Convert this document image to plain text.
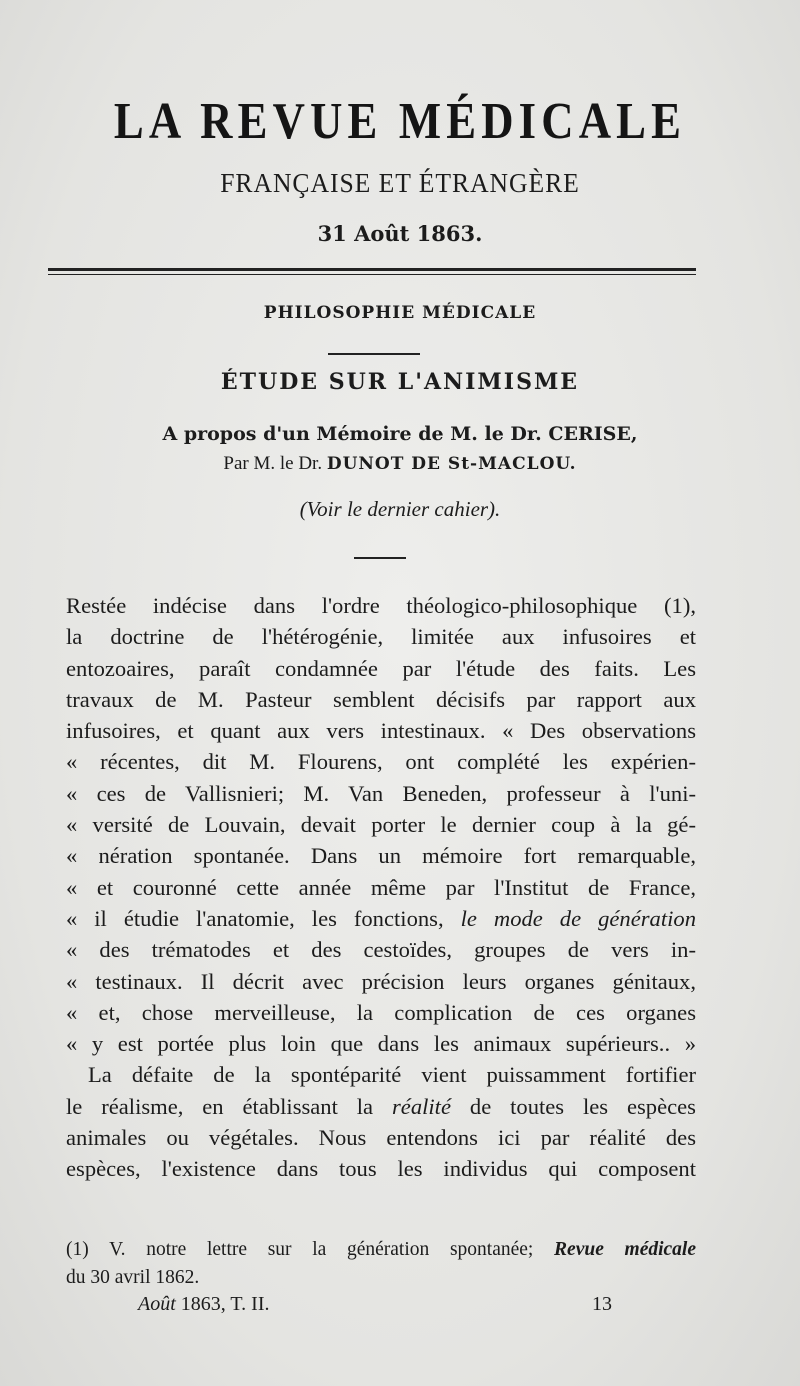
LA REVUE MÉDICALE
FRANÇAISE ET ÉTRANGÈRE
31 Août 1863.
PHILOSOPHIE MÉDICALE
ÉTUDE SUR L'ANIMISME
A propos d'un Mémoire de M. le Dr. CERISE,
Par M. le Dr. DUNOT DE St-MACLOU.
(Voir le dernier cahier).
Restée indécise dans l'ordre théologico-philosophique (1),
la doctrine de l'hétérogénie, limitée aux infusoires et
entozoaires, paraît condamnée par l'étude des faits. Les
travaux de M. Pasteur semblent décisifs par rapport aux
infusoires, et quant aux vers intestinaux. « Des observations
« récentes, dit M. Flourens, ont complété les expérien-
« ces de Vallisnieri; M. Van Beneden, professeur à l'uni-
« versité de Louvain, devait porter le dernier coup à la gé-
« nération spontanée. Dans un mémoire fort remarquable,
« et couronné cette année même par l'Institut de France,
« il étudie l'anatomie, les fonctions, le mode de génération
« des trématodes et des cestoïdes, groupes de vers in-
« testinaux. Il décrit avec précision leurs organes génitaux,
« et, chose merveilleuse, la complication de ces organes
« y est portée plus loin que dans les animaux supérieurs.. »
La défaite de la spontéparité vient puissamment fortifier
le réalisme, en établissant la réalité de toutes les espèces
animales ou végétales. Nous entendons ici par réalité des
espèces, l'existence dans tous les individus qui composent
(1) V. notre lettre sur la génération spontanée; Revue médicale
du 30 avril 1862.
Août 1863, T. II.	13
